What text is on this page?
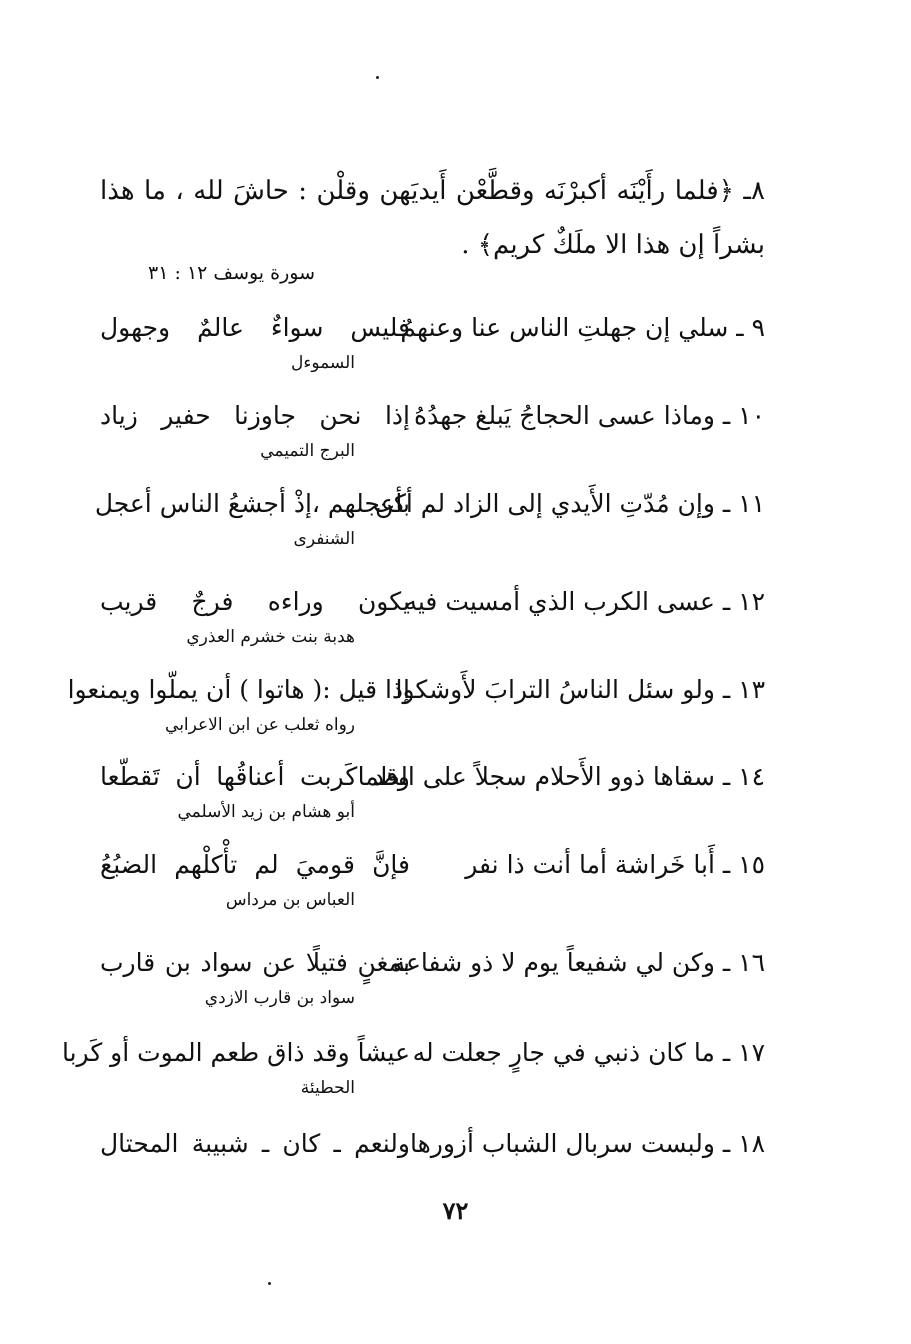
٨ـ ﴿فلما رأَيْنَه أكبرْنَه وقطَّعْن أَيديَهن وقلْن : حاشَ لله ، ما هذا بشراً إن هذا الا ملَكٌ كريم﴾ .

سورة يوسف ١٢ : ٣١
٩ ـ سلي إن جهلتِ الناس عنا وعنهمُ
فليس سواءٌ عالمٌ وجهول
السموءل
١٠ ـ وماذا عسى الحجاجُ يَبلغ جهدُهُ
إذا نحن جاوزنا حفير زياد
البرج التميمي
١١ ـ وإن مُدّتِ الأَيدي إلى الزاد لم أكن
بأعجلهم ،إذْ أجشعُ الناس أعجل
الشنفرى
١٢ ـ عسى الكرب الذي أمسيت فيه
يكون وراءه فرجٌ قريب
هدبة بنت خشرم العذري
١٣ ـ ولو سئل الناسُ الترابَ لأَوشكوا
إذا قيل :( هاتوا ) أن يملّوا ويمنعوا
رواه ثعلب عن ابن الاعرابي
١٤ ـ سقاها ذوو الأَحلام سجلاً على الظما
وقد كَربت أعناقُها أن تَقطّعا
أبو هشام بن زيد الأسلمي
١٥ ـ أَبا خَراشة أما أنت ذا نفر
فإنَّ قوميَ لم تأْكلْهم الضبُعُ
العباس بن مرداس
١٦ ـ وكن لي شفيعاً يوم لا ذو شفاعة
بمغنٍ فتيلًا عن سواد بن قارب
سواد بن قارب الازدي
١٧ ـ ما كان ذنبي في جارٍ جعلت له
عيشاً وقد ذاق طعم الموت أو كَربا
الحطيئة
١٨ ـ ولبست سربال الشباب أزورها
ولنعم ـ كان ـ شبيبة المحتال
٧٢
